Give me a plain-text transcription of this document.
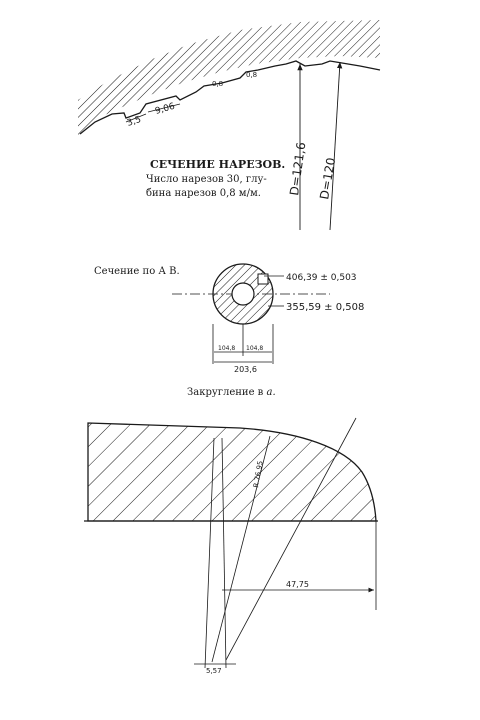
3,5
9,06
0,8
0,8
D=121,6 D=120
СЕЧЕНИЕ НАРЕЗОВ.
Число нарезов 30, глу-
бина нарезов 0,8 м/м.
Сечение по А В.
406,39 ± 0,503
355,59 ± 0,508
104,8 104,8
203,6
Закругление в а.
R 76,95
47,75
5,57
